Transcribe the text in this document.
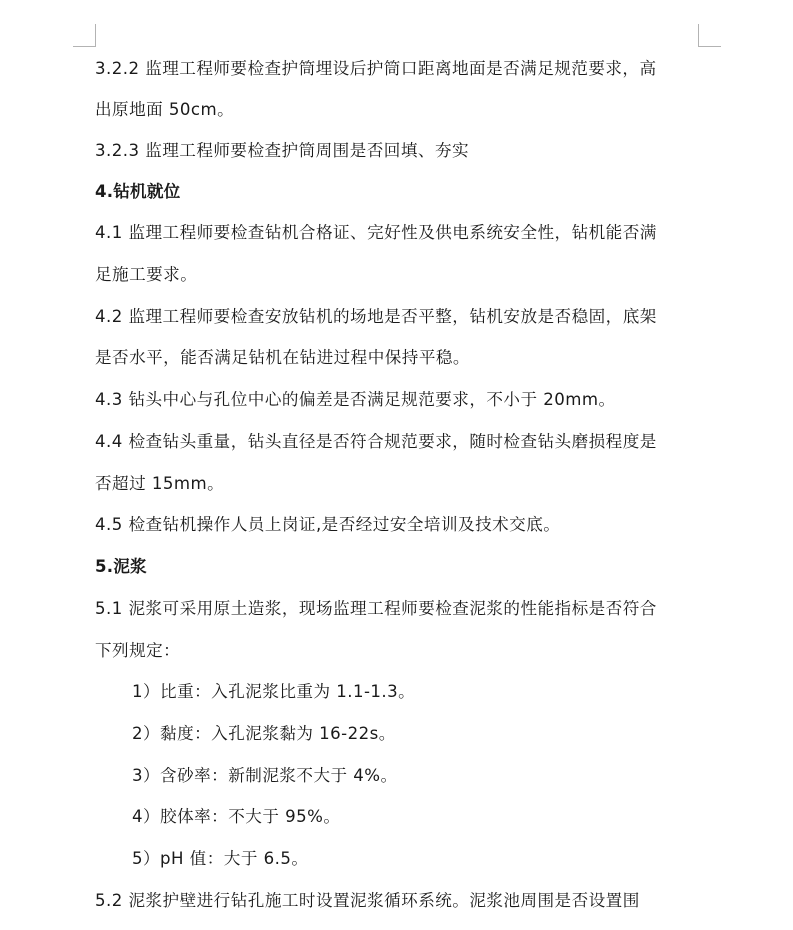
3.2.2 监理工程师要检查护筒埋设后护筒口距离地面是否满足规范要求，高
出原地面 50cm。
3.2.3 监理工程师要检查护筒周围是否回填、夯实
4.钻机就位
4.1 监理工程师要检查钻机合格证、完好性及供电系统安全性，钻机能否满
足施工要求。
4.2 监理工程师要检查安放钻机的场地是否平整，钻机安放是否稳固，底架
是否水平，能否满足钻机在钻进过程中保持平稳。
4.3 钻头中心与孔位中心的偏差是否满足规范要求，不小于 20mm。
4.4 检查钻头重量，钻头直径是否符合规范要求，随时检查钻头磨损程度是
否超过 15mm。
4.5 检查钻机操作人员上岗证,是否经过安全培训及技术交底。
5.泥浆
5.1 泥浆可采用原土造浆，现场监理工程师要检查泥浆的性能指标是否符合
下列规定：
1）比重：入孔泥浆比重为 1.1-1.3。
2）黏度：入孔泥浆黏为 16-22s。
3）含砂率：新制泥浆不大于 4%。
4）胶体率：不大于 95%。
5）pH 值：大于 6.5。
5.2 泥浆护壁进行钻孔施工时设置泥浆循环系统。泥浆池周围是否设置围
